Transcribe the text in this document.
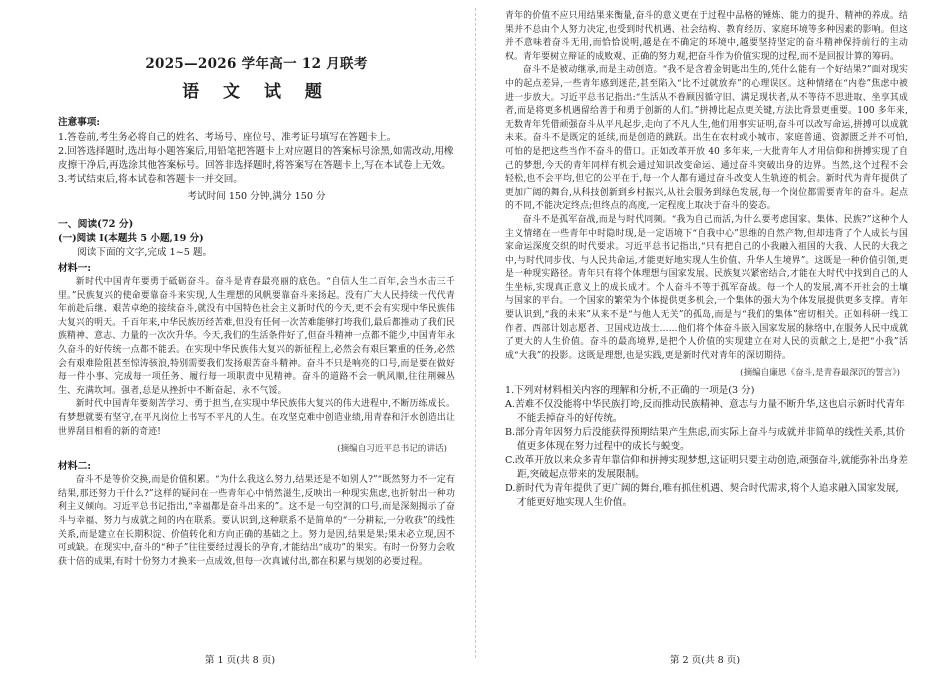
2025—2026 学年高一 12 月联考
语 文 试 题
注意事项:

1.答卷前,考生务必将自己的姓名、考场号、座位号、准考证号填写在答题卡上。

2.回答选择题时,选出每小题答案后,用铅笔把答题卡上对应题目的答案标号涂黑,如需改动,用橡皮擦干净后,再选涂其他答案标号。回答非选择题时,将答案写在答题卡上,写在本试卷上无效。

3.考试结束后,将本试卷和答题卡一并交回。

考试时间 150 分钟,满分 150 分

一、阅读(72 分)
(一)阅读 I(本题共 5 小题,19 分)

阅读下面的文字,完成 1~5 题。

材料一:

新时代中国青年要勇于砥砺奋斗。奋斗是青春最亮丽的底色。“自信人生二百年,会当水击三千里。”民族复兴的使命要靠奋斗来实现,人生理想的风帆要靠奋斗来扬起。没有广大人民持续一代代青年前赴后继、艰苦卓绝的接续奋斗,就没有中国特色社会主义新时代的今天,更不会有实现中华民族伟大复兴的明天。千百年来,中华民族历经苦难,但没有任何一次苦难能够打垮我们,最后都推动了我们民族精神、意志、力量的一次次升华。今天,我们的生活条件好了,但奋斗精神一点都不能少,中国青年永久奋斗的好传统一点都不能丢。在实现中华民族伟大复兴的新征程上,必然会有艰巨繁重的任务,必然会有艰难险阻甚至惊涛骇浪,特别需要我们发扬艰苦奋斗精神。奋斗不只是响亮的口号,而是要在做好每一件小事、完成每一项任务、履行每一项职责中见精神。奋斗的道路不会一帆风顺,往往荆棘丛生、充满坎坷。强者,总是从挫折中不断奋起、永不气馁。

新时代中国青年要刻苦学习、勇于担当,在实现中华民族伟大复兴的伟大进程中,不断历练成长。有梦想就要有坚守,在平凡岗位上书写不平凡的人生。在攻坚克难中创造业绩,用青春和汗水创造出让世界刮目相看的新的奇迹!

(摘编自习近平总书记的讲话)

材料二:

奋斗不是等价交换,而是价值积累。“为什么我这么努力,结果还是不如别人?”“既然努力不一定有结果,那还努力干什么?”这样的疑问在一些青年心中悄然滋生,反映出一种现实焦虑,也折射出一种功利主义倾向。习近平总书记指出,“幸福都是奋斗出来的”。这不是一句空洞的口号,而是深刻揭示了奋斗与幸福、努力与成就之间的内在联系。要认识到,这种联系不是简单的“一分耕耘,一分收获”的线性关系,而是建立在长期积淀、价值转化和方向正确的基础之上。努力是因,结果是果;果未必立现,因不可或缺。在现实中,奋斗的“种子”往往要经过漫长的孕育,才能结出“成功”的果实。有时一份努力会收获十倍的成果,有时十份努力才换来一点成效,但每一次真诚付出,都在积累与规划的必要过程。

青年的价值不应只用结果来衡量,奋斗的意义更在于过程中品格的锤炼、能力的提升、精神的养成。结果并不总由个人努力决定,也受到时代机遇、社会结构、教育经历、家庭环境等多种因素的影响。但这并不意味着奋斗无用,而恰恰说明,越是在不确定的环境中,越要坚持坚定的奋斗精神保持前行的主动权。青年要树立辩证的成败观、正确的努力观,把奋斗作为价值实现的过程,而不是回报计算的筹码。

奋斗不是被动继承,而是主动创造。“我不是含着金钥匙出生的,凭什么能有一个好结果?”面对现实中的起点差异,一些青年感到迷茫,甚至陷入“比不过就放弃”的心理误区。这种情绪在“内卷”焦虑中被进一步放大。习近平总书记指出:“生活从不眷顾因循守旧、满足现状者,从不等待不思进取、坐享其成者,而是将更多机遇留给善于和勇于创新的人们。”拼搏比起点更关键,方法比背景更重要。100 多年来,无数青年凭借顽强奋斗从平凡起步,走向了不凡人生,他们用事实证明,奋斗可以改写命运,拼搏可以成就未来。奋斗不是既定的延续,而是创造的跳跃。出生在农村或小城市、家庭普通、资源匮乏并不可怕,可怕的是把这些当作不奋斗的借口。正如改革开放 40 多年来,一大批青年人才用信仰和拼搏实现了自己的梦想,今天的青年同样有机会通过知识改变命运、通过奋斗突破出身的边界。当然,这个过程不会轻松,也不会平均,但它的公平在于,每一个人都有通过奋斗改变人生轨迹的机会。新时代为青年提供了更加广阔的舞台,从科技创新到乡村振兴,从社会服务到绿色发展,每一个岗位都需要青年的奋斗。起点的不同,不能决定终点;但终点的高度,一定程度上取决于奋斗的姿态。

奋斗不是孤军奋战,而是与时代同频。“我为自己而活,为什么要考虑国家、集体、民族?”这种个人主义情绪在一些青年中时隐时现,是一定语境下“自我中心”思维的自然产物,但却违背了个人成长与国家命运深度交织的时代要求。习近平总书记指出,“只有把自己的小我融入祖国的大我、人民的大我之中,与时代同步伐、与人民共命运,才能更好地实现人生价值、升华人生境界”。这既是一种价值引领,更是一种现实路径。青年只有将个体理想与国家发展、民族复兴紧密结合,才能在大时代中找到自己的人生坐标,实现真正意义上的成长成才。个人奋斗不等于孤军奋战。每一个人的发展,离不开社会的土壤与国家的平台。一个国家的繁荣为个体提供更多机会,一个集体的强大为个体发展提供更多支撑。青年要认识到,“我的未来”从来不是“与他人无关”的孤岛,而是与“我们的集体”密切相关。正如科研一线工作者、西部计划志愿者、卫国戍边战士……他们将个体奋斗嵌入国家发展的脉络中,在服务人民中成就了更大的人生价值。奋斗的最高境界,是把个人价值的实现建立在对人民的贡献之上,是把“小我”活成“大我”的投影。这既是理想,也是实践,更是新时代对青年的深切期待。

(摘编自廉思《奋斗,是青春最深沉的誓言》)

1.下列对材料相关内容的理解和分析,不正确的一项是(3 分)

A.苦难不仅没能将中华民族打垮,反而推动民族精神、意志与力量不断升华,这也启示新时代青年不能丢掉奋斗的好传统。

B.部分青年因努力后没能获得预期结果产生焦虑,而实际上奋斗与成就并非简单的线性关系,其价值更多体现在努力过程中的成长与蜕变。

C.改革开放以来众多青年靠信仰和拼搏实现梦想,这证明只要主动创造,顽强奋斗,就能弥补出身差距,突破起点带来的发展限制。

D.新时代为青年提供了更广阔的舞台,唯有抓住机遇、契合时代需求,将个人追求融入国家发展,才能更好地实现人生价值。

第 1 页(共 8 页)	第 2 页(共 8 页)
